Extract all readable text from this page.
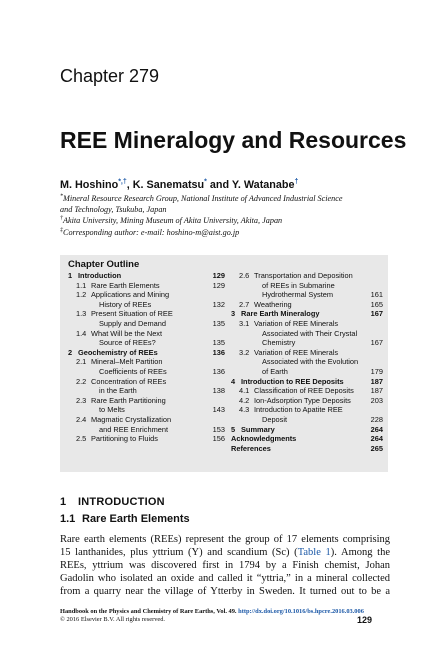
Chapter 279
REE Mineralogy and Resources
M. Hoshino*,†, K. Sanematsu* and Y. Watanabe†
*Mineral Resource Research Group, National Institute of Advanced Industrial Science
and Technology, Tsukuba, Japan
†Akita University, Mining Museum of Akita University, Akita, Japan
‡Corresponding author: e-mail: hoshino-m@aist.go.jp
Chapter Outline
129
1 Introduction
129
1.1 Rare Earth Elements
1.2 Applications and Mining
132
History of REEs
1.3 Present Situation of REE
135
Supply and Demand
1.4 What Will be the Next
135
Source of REEs?
136
2 Geochemistry of REEs
2.1 Mineral–Melt Partition
136
Coefficients of REEs
2.2 Concentration of REEs
138
in the Earth
2.3 Rare Earth Partitioning
143
to Melts
2.4 Magmatic Crystallization
153
and REE Enrichment
156
2.5 Partitioning to Fluids
2.6 Transportation and Deposition
of REEs in Submarine
161
Hydrothermal System
165
2.7 Weathering
167
3 Rare Earth Mineralogy
3.1 Variation of REE Minerals
Associated with Their Crystal
167
Chemistry
3.2 Variation of REE Minerals
Associated with the Evolution
179
of Earth
187
4 Introduction to REE Deposits
187
4.1 Classification of REE Deposits
203
4.2 Ion-Adsorption Type Deposits
4.3 Introduction to Apatite REE
228
Deposit
264
5 Summary
264
Acknowledgments
265
References
1 INTRODUCTION
1.1 Rare Earth Elements
Rare earth elements (REEs) represent the group of 17 elements comprising
15 lanthanides, plus yttrium (Y) and scandium (Sc) (Table 1). Among the
REEs, yttrium was discovered first in 1794 by a Finish chemist, Johan
Gadolin who isolated an oxide and called it “yttria,” in a mineral collected
from a quarry near the village of Ytterby in Sweden. It turned out to be a
Handbook on the Physics and Chemistry of Rare Earths, Vol. 49. http://dx.doi.org/10.1016/bs.hpcre.2016.03.006
© 2016 Elsevier B.V. All rights reserved.	129
